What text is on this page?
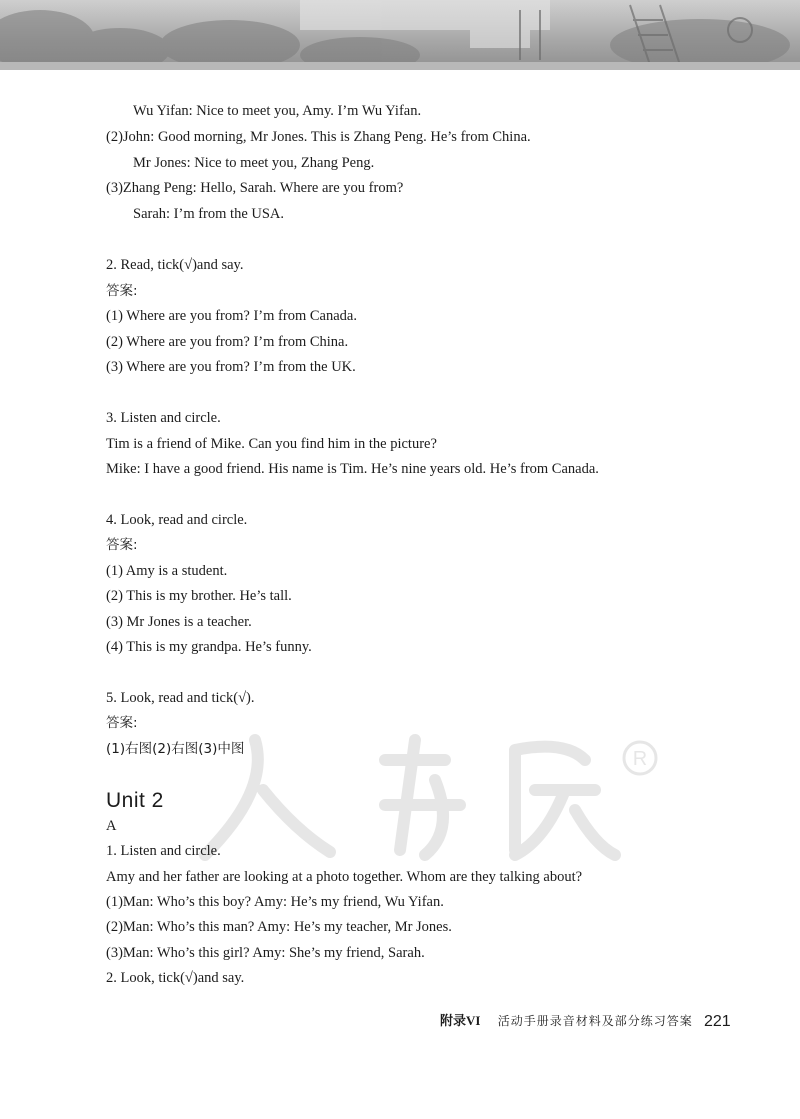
R
Unit 2
Wu Yifan: Nice to meet you, Amy. I’m Wu Yifan.
(2)John: Good morning, Mr Jones. This is Zhang Peng. He’s from China.
Mr Jones: Nice to meet you, Zhang Peng.
(3)Zhang Peng: Hello, Sarah. Where are you from?
Sarah: I’m from the USA.
2. Read, tick(√)and say.
答案:
(1) Where are you from? I’m from Canada.
(2) Where are you from? I’m from China.
(3) Where are you from? I’m from the UK.
3. Listen and circle.
Tim is a friend of Mike. Can you find him in the picture?
Mike: I have a good friend. His name is Tim. He’s nine years old. He’s from Canada.
4. Look, read and circle.
答案:
(1) Amy is a student.
(2) This is my brother. He’s tall.
(3) Mr Jones is a teacher.
(4) This is my grandpa. He’s funny.
5. Look, read and tick(√).
答案:
(1)右图(2)右图(3)中图
A
1. Listen and circle.
Amy and her father are looking at a photo together. Whom are they talking about?
(1)Man: Who’s this boy? Amy: He’s my friend, Wu Yifan.
(2)Man: Who’s this man? Amy: He’s my teacher, Mr Jones.
(3)Man: Who’s this girl? Amy: She’s my friend, Sarah.
2. Look, tick(√)and say.
附录VI 活动手册录音材料及部分练习答案 221
